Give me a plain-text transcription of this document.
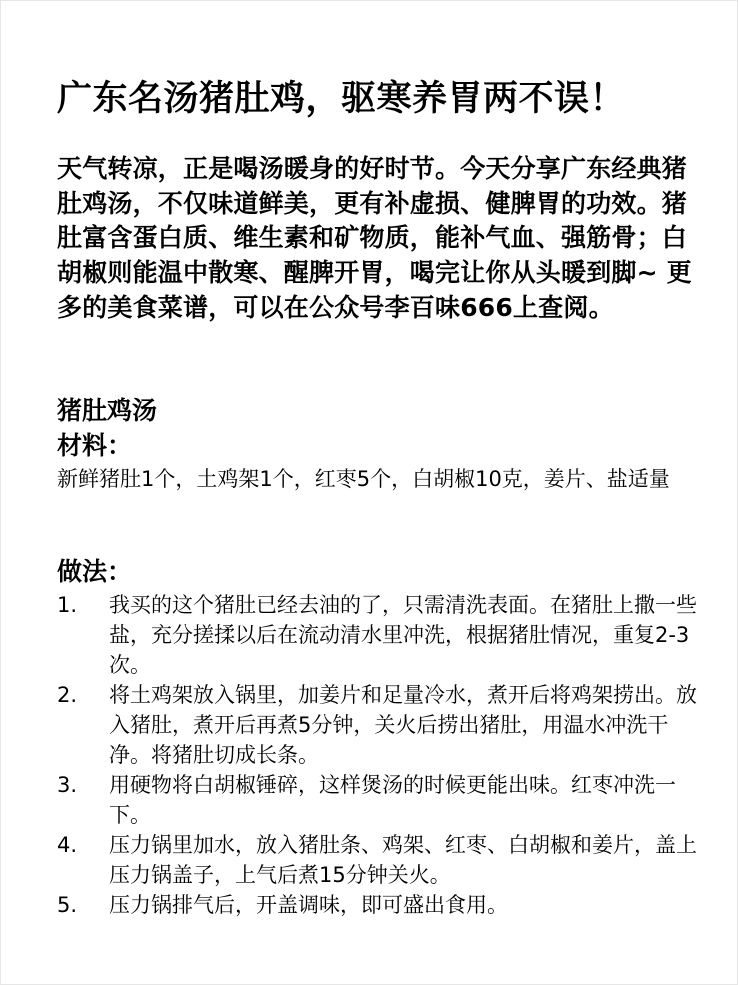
广东名汤猪肚鸡，驱寒养胃两不误！
天气转凉，正是喝汤暖身的好时节。今天分享广东经典猪肚鸡汤，不仅味道鲜美，更有补虚损、健脾胃的功效。猪肚富含蛋白质、维生素和矿物质，能补气血、强筋骨；白胡椒则能温中散寒、醒脾开胃，喝完让你从头暖到脚~ 更多的美食菜谱，可以在公众号李百味666上查阅。
猪肚鸡汤
材料：
新鲜猪肚1个，土鸡架1个，红枣5个，白胡椒10克，姜片、盐适量
做法：
1.	我买的这个猪肚已经去油的了，只需清洗表面。在猪肚上撒一些盐，充分搓揉以后在流动清水里冲洗，根据猪肚情况，重复2-3次。
2.	将土鸡架放入锅里，加姜片和足量冷水，煮开后将鸡架捞出。放入猪肚，煮开后再煮5分钟，关火后捞出猪肚，用温水冲洗干净。将猪肚切成长条。
3.	用硬物将白胡椒锤碎，这样煲汤的时候更能出味。红枣冲洗一下。
4.	压力锅里加水，放入猪肚条、鸡架、红枣、白胡椒和姜片，盖上压力锅盖子，上气后煮15分钟关火。
5.	压力锅排气后，开盖调味，即可盛出食用。
